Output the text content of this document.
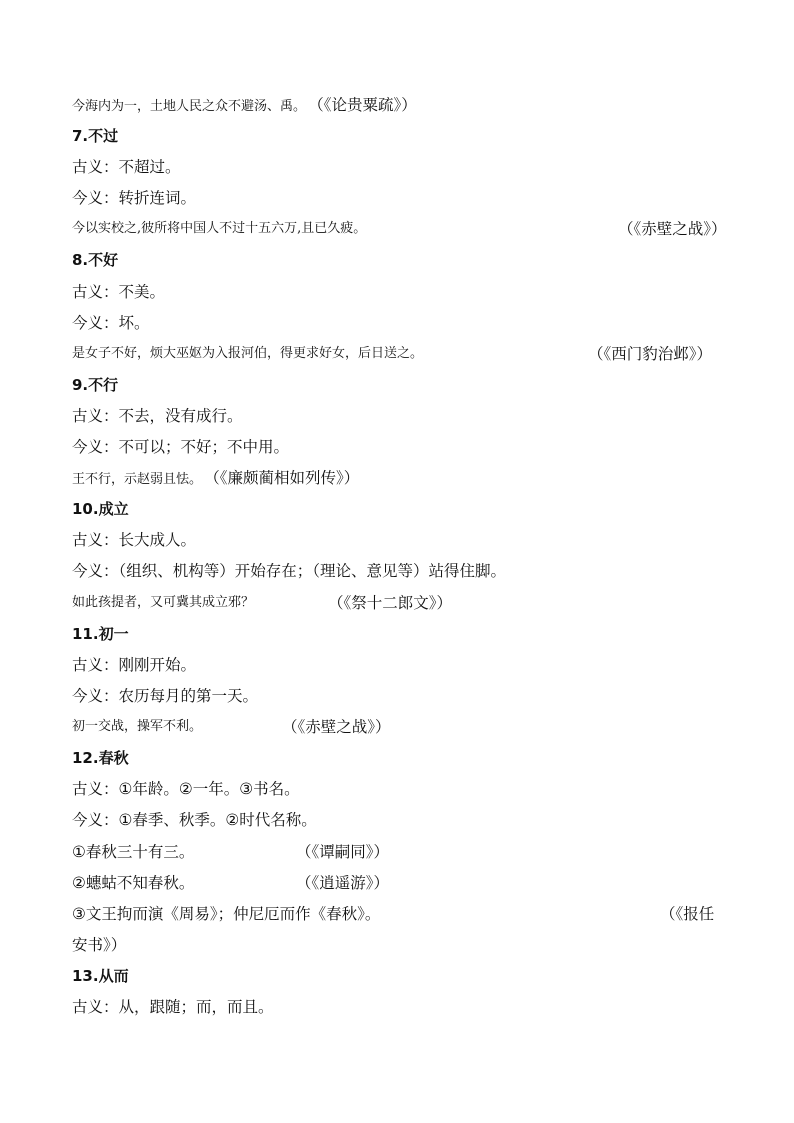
今海内为一，土地人民之众不避汤、禹。 （《论贵粟疏》）
7.不过
古义：不超过。
今义：转折连词。
今以实校之,彼所将中国人不过十五六万,且已久疲。	（《赤壁之战》）
8.不好
古义：不美。
今义：坏。
是女子不好，烦大巫妪为入报河伯，得更求好女，后日送之。	（《西门豹治邺》）
9.不行
古义：不去，没有成行。
今义：不可以；不好；不中用。
王不行，示赵弱且怯。 （《廉颇蔺相如列传》）
10.成立
古义：长大成人。
今义：（组织、机构等）开始存在；（理论、意见等）站得住脚。
如此孩提者，又可冀其成立邪？	（《祭十二郎文》）
11.初一
古义：刚刚开始。
今义：农历每月的第一天。
初一交战，操军不利。	（《赤壁之战》）
12.春秋
古义：①年龄。②一年。③书名。
今义：①春季、秋季。②时代名称。
①春秋三十有三。	（《谭嗣同》）
②蟪蛄不知春秋。	（《逍遥游》）
③文王拘而演《周易》；仲尼厄而作《春秋》。	（《报任
安书》）
13.从而
古义：从，跟随；而，而且。
